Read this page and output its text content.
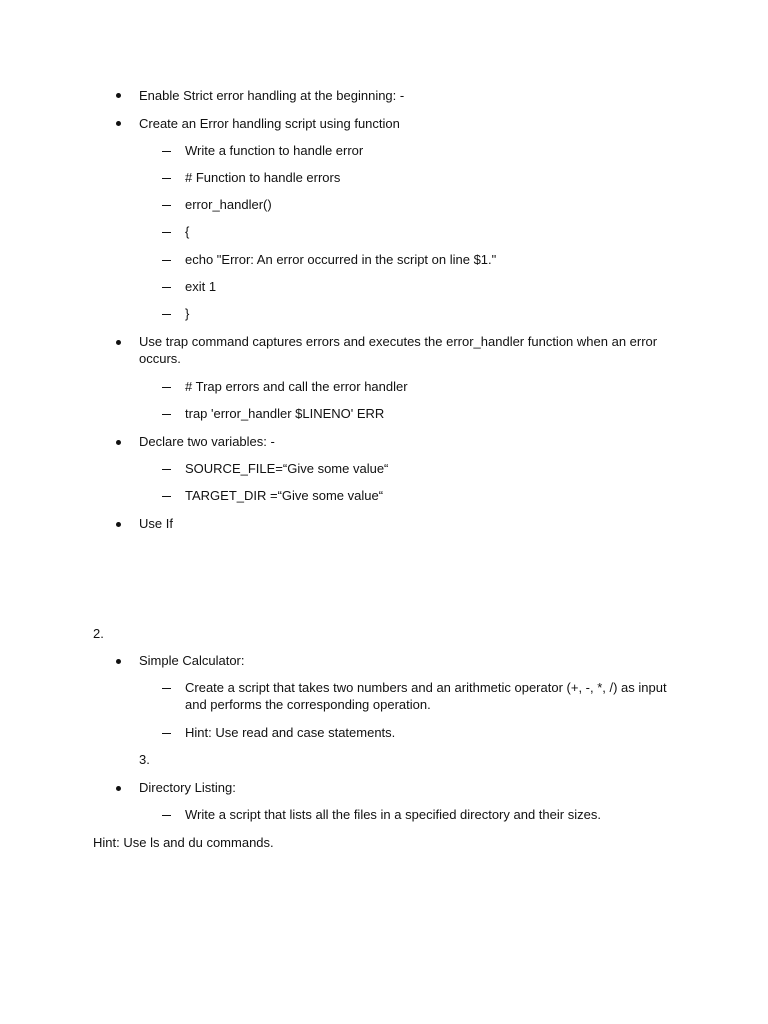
Enable Strict error handling at the beginning: -
Create an Error handling script using function
Write a function to handle error
# Function to handle errors
error_handler()
{
echo "Error: An error occurred in the script on line $1."
exit 1
}
Use trap command captures errors and executes the error_handler function when an error occurs.
# Trap errors and call the error handler
trap 'error_handler $LINENO' ERR
Declare two variables: -
SOURCE_FILE=“Give some value“
TARGET_DIR =“Give some value“
Use If
2.
Simple Calculator:
Create a script that takes two numbers and an arithmetic operator (+, -, *, /) as input and performs the corresponding operation.
Hint: Use read and case statements.
3.
Directory Listing:
Write a script that lists all the files in a specified directory and their sizes.
Hint: Use ls and du commands.
